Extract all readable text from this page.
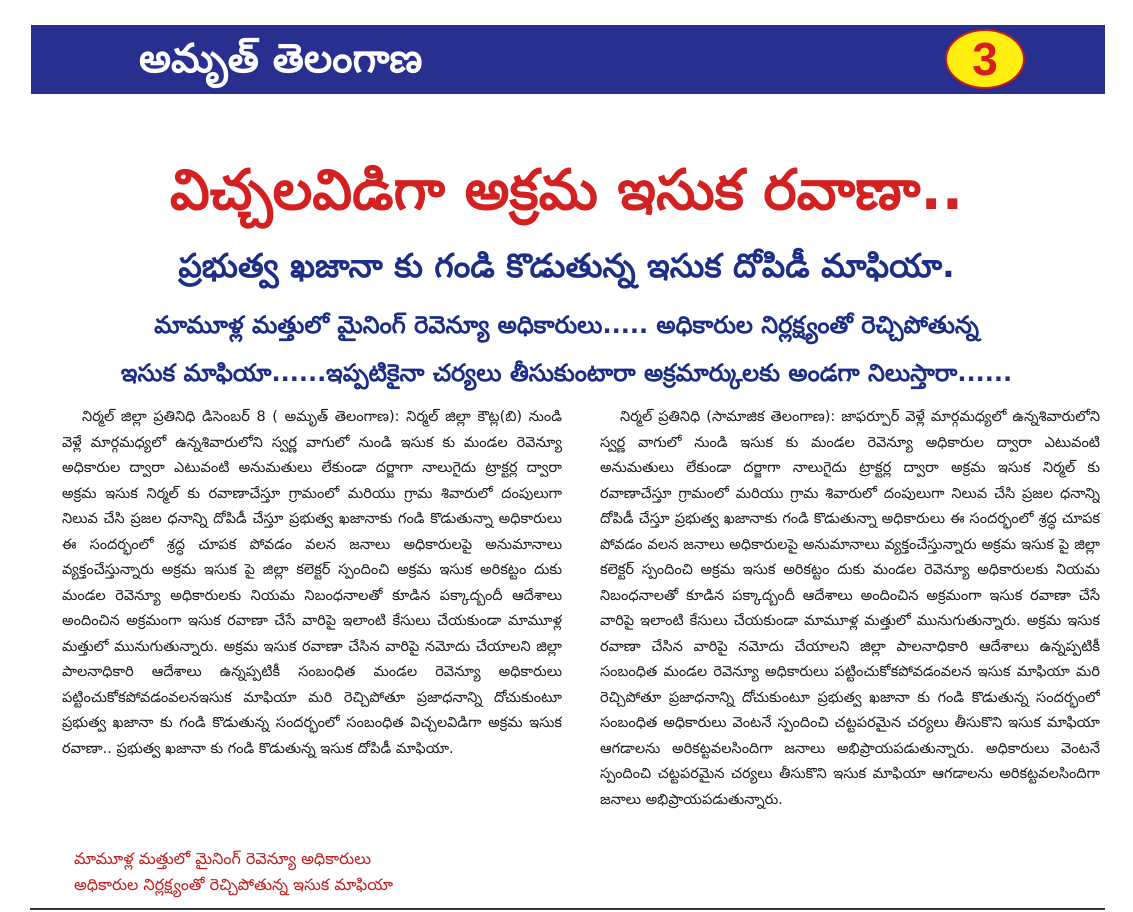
అమృత్ తెలంగాణ	3
విచ్చలవిడిగా అక్రమ ఇసుక రవాణా..
ప్రభుత్వ ఖజానా కు గండి కొడుతున్న ఇసుక దోపిడీ మాఫియా.
మామూళ్ల మత్తులో మైనింగ్ రెవెన్యూ అధికారులు..... అధికారుల నిర్లక్ష్యంతో రెచ్చిపోతున్న
ఇసుక మాఫియా......ఇప్పటికైనా చర్యలు తీసుకుంటారా అక్రమార్కులకు అండగా నిలుస్తారా......

నిర్మల్ జిల్లా ప్రతినిధి డిసెంబర్ 8 ( అమృత్ తెలంగాణ): నిర్మల్ జిల్లా కౌట్ల(బి) నుండి వెళ్లే మార్గమధ్యలో ఉన్నశివారులోని స్వర్ణ వాగులో నుండి ఇసుక కు మండల రెవెన్యూ అధికారుల ద్వారా ఎటువంటి అనుమతులు లేకుండా దర్జాగా నాలుగైదు ట్రాక్టర్ల ద్వారా అక్రమ ఇసుక నిర్మల్ కు రవాణాచేస్తూ గ్రామంలో మరియు గ్రామ శివారులో దంపులుగా నిలువ చేసి ప్రజల ధనాన్ని దోపిడీ చేస్తూ ప్రభుత్వ ఖజానాకు గండి కొడుతున్నా అధికారులు ఈ సందర్భంలో శ్రద్ధ చూపక పోవడం వలన జనాలు అధికారులపై అనుమానాలు వ్యక్తంచేస్తున్నారు అక్రమ ఇసుక పై జిల్లా కలెక్టర్ స్పందించి అక్రమ ఇసుక అరికట్టం దుకు మండల రెవెన్యూ అధికారులకు నియమ నిబంధనాలతో కూడిన పక్కాద్బందీ ఆదేశాలు అందించిన అక్రమంగా ఇసుక రవాణా చేసే వారిపై ఇలాంటి కేసులు చేయకుండా మామూళ్ల మత్తులో మునుగుతున్నారు. అక్రమ ఇసుక రవాణా చేసిన వారిపై నమోదు చేయాలని జిల్లా పాలనాధికారి ఆదేశాలు ఉన్నప్పటికీ సంబంధిత మండల రెవెన్యూ అధికారులు పట్టించుకోకపోవడంవలనఇసుక మాఫియా మరి రెచ్చిపోతూ ప్రజాధనాన్ని దోచుకుంటూ ప్రభుత్వ ఖజానా కు గండి కొడుతున్న సందర్భంలో సంబంధిత విచ్చలవిడిగా అక్రమ ఇసుక రవాణా.. ప్రభుత్వ ఖజానా కు గండి కొడుతున్న ఇసుక దోపిడీ మాఫియా.

నిర్మల్ ప్రతినిధి (సామాజిక తెలంగాణ): జాఫర్పూర్ వెళ్లే మార్గమధ్యలో ఉన్నశివారులోని స్వర్ణ వాగులో నుండి ఇసుక కు మండల రెవెన్యూ అధికారుల ద్వారా ఎటువంటి అనుమతులు లేకుండా దర్జాగా నాలుగైదు ట్రాక్టర్ల ద్వారా అక్రమ ఇసుక నిర్మల్ కు రవాణాచేస్తూ గ్రామంలో మరియు గ్రామ శివారులో దంపులుగా నిలువ చేసి ప్రజల ధనాన్ని దోపిడీ చేస్తూ ప్రభుత్వ ఖజానాకు గండి కొడుతున్నా అధికారులు ఈ సందర్భంలో శ్రద్ధ చూపక పోవడం వలన జనాలు అధికారులపై అనుమానాలు వ్యక్తంచేస్తున్నారు అక్రమ ఇసుక పై జిల్లా కలెక్టర్ స్పందించి అక్రమ ఇసుక అరికట్టం దుకు మండల రెవెన్యూ అధికారులకు నియమ నిబంధనాలతో కూడిన పక్కాద్బందీ ఆదేశాలు అందించిన అక్రమంగా ఇసుక రవాణా చేసే వారిపై ఇలాంటి కేసులు చేయకుండా మామూళ్ల మత్తులో మునుగుతున్నారు. అక్రమ ఇసుక రవాణా చేసిన వారిపై నమోదు చేయాలని జిల్లా పాలనాధికారి ఆదేశాలు ఉన్నప్పటికీ సంబంధిత మండల రెవెన్యూ అధికారులు పట్టించుకోకపోవడంవలన ఇసుక మాఫియా మరి రెచ్చిపోతూ ప్రజాధనాన్ని దోచుకుంటూ ప్రభుత్వ ఖజానా కు గండి కొడుతున్న సందర్భంలో సంబంధిత అధికారులు వెంటనే స్పందించి చట్టపరమైన చర్యలు తీసుకొని ఇసుక మాఫియా ఆగడాలను అరికట్టవలసిందిగా జనాలు అభిప్రాయపడుతున్నారు. అధికారులు వెంటనే స్పందించి చట్టపరమైన చర్యలు తీసుకొని ఇసుక మాఫియా ఆగడాలను అరికట్టవలసిందిగా జనాలు అభిప్రాయపడుతున్నారు.

మామూళ్ల మత్తులో మైనింగ్ రెవెన్యూ అధికారులు
అధికారుల నిర్లక్ష్యంతో రెచ్చిపోతున్న ఇసుక మాఫియా
